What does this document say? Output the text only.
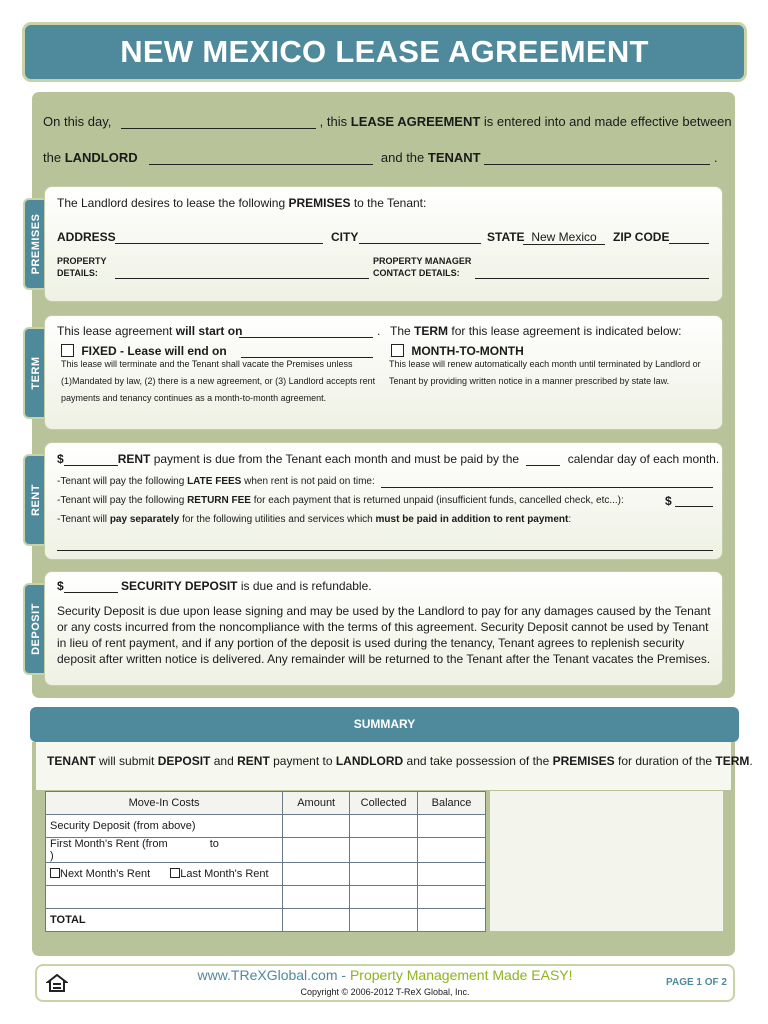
NEW MEXICO LEASE AGREEMENT
On this day,	, this LEASE AGREEMENT is entered into and made effective between
the LANDLORD	and the TENANT	.
PREMISES
The Landlord desires to lease the following PREMISES to the Tenant:
ADDRESS	CITY	STATE New Mexico	ZIP CODE
PROPERTY
DETAILS:
PROPERTY MANAGER
CONTACT DETAILS:
TERM
This lease agreement will start on	. The TERM for this lease agreement is indicated below:
FIXED - Lease will end on
This lease will terminate and the Tenant shall vacate the Premises unless (1)Mandated by law, (2) there is a new agreement, or (3) Landlord accepts rent payments and tenancy continues as a month-to-month agreement.
MONTH-TO-MONTH
This lease will renew automatically each month until terminated by Landlord or Tenant by providing written notice in a manner prescribed by state law.
RENT
$	RENT payment is due from the Tenant each month and must be paid by the	calendar day of each month.
-Tenant will pay the following LATE FEES when rent is not paid on time:
-Tenant will pay the following RETURN FEE for each payment that is returned unpaid (insufficient funds, cancelled check, etc...):	$
-Tenant will pay separately for the following utilities and services which must be paid in addition to rent payment:
DEPOSIT
$	SECURITY DEPOSIT is due and is refundable.
Security Deposit is due upon lease signing and may be used by the Landlord to pay for any damages caused by the Tenant or any costs incurred from the noncompliance with the terms of this agreement. Security Deposit cannot be used by Tenant in lieu of rent payment, and if any portion of the deposit is used during the tenancy, Tenant agrees to replenish security deposit after written notice is delivered. Any remainder will be returned to the Tenant after the Tenant vacates the Premises.
SUMMARY
TENANT will submit DEPOSIT and RENT payment to LANDLORD and take possession of the PREMISES for duration of the TERM.
Move-In Costs	Amount	Collected	Balance
Security Deposit (from above)			
First Month's Rent (from to  )			
Next Month's Rent Last Month's Rent			

TOTAL			
www.TReXGlobal.com - Property Management Made EASY!
Copyright © 2006-2012 T-ReX Global, Inc.
PAGE 1 OF 2
